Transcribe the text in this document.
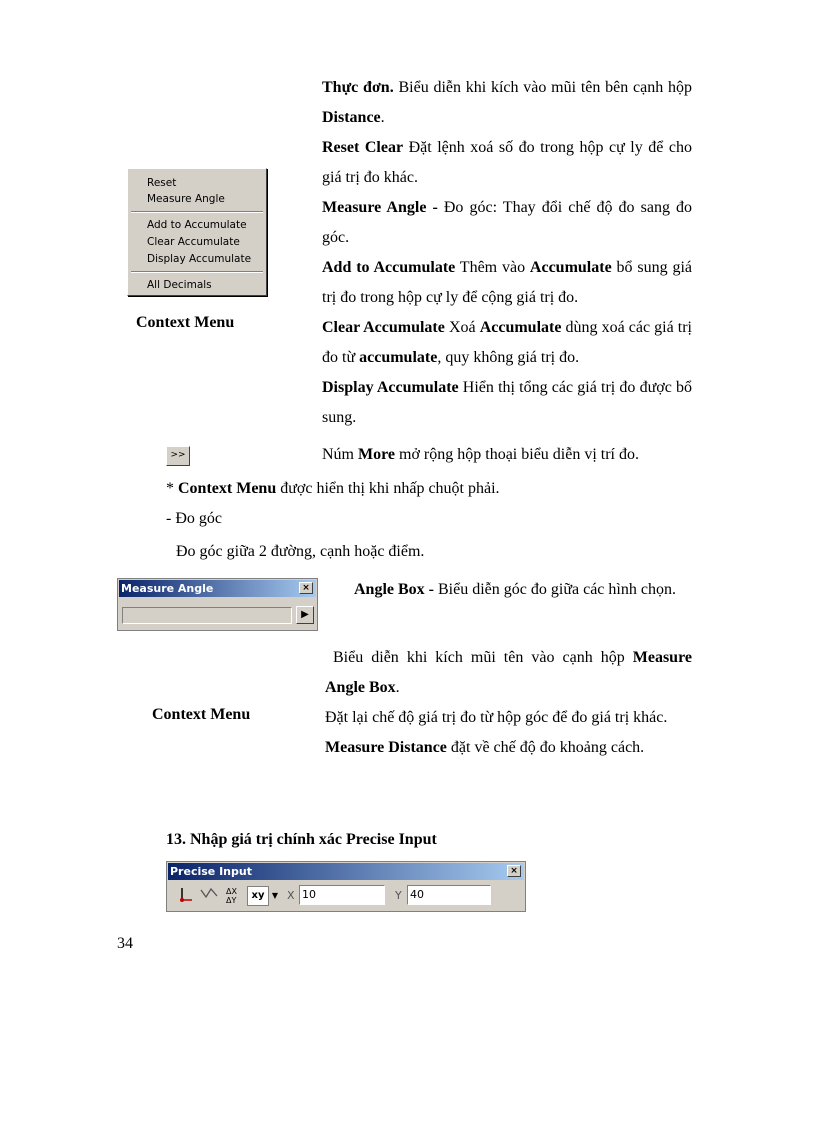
Thực đơn. Biểu diễn khi kích vào mũi tên bên cạnh hộp Distance.
Reset Clear Đặt lệnh xoá số đo trong hộp cự ly để cho giá trị đo khác.
Measure Angle - Đo góc: Thay đổi chế độ đo sang đo góc.
Add to Accumulate Thêm vào Accumulate bổ sung giá trị đo trong hộp cự ly để cộng giá trị đo.
Clear Accumulate Xoá Accumulate dùng xoá các giá trị đo từ accumulate, quy không giá trị đo.
Display Accumulate Hiển thị tổng các giá trị đo được bổ sung.
Reset
Measure Angle
Add to Accumulate
Clear Accumulate
Display Accumulate
All Decimals
Context Menu
>>	Núm More mở rộng hộp thoại biểu diễn vị trí đo.
* Context Menu được hiển thị khi nhấp chuột phải.
- Đo góc
Đo góc giữa 2 đường, cạnh hoặc điểm.
Measure Angle	×
▶
Angle Box - Biểu diễn góc đo giữa các hình chọn.
Biểu diễn khi kích mũi tên vào cạnh hộp Measure Angle Box.
Đặt lại chế độ giá trị đo từ hộp góc để đo giá trị khác.
Measure Distance đặt về chế độ đo khoảng cách.
Context Menu
13. Nhập giá trị chính xác Precise Input
Precise Input	×
ΔX
ΔY	xy ▼ X 10	Y 40
34
